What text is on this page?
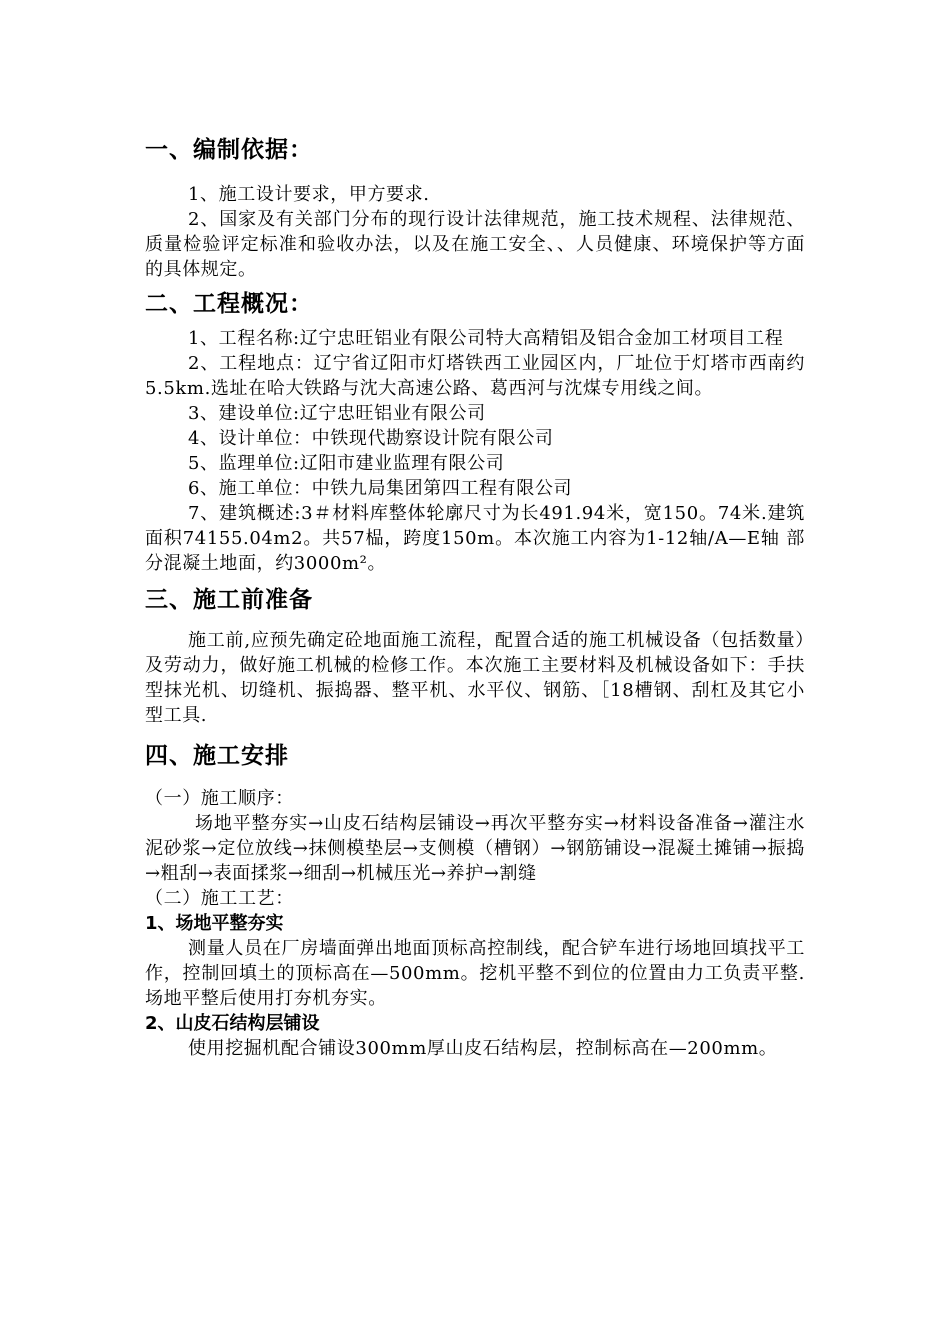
一、编制依据：
1、施工设计要求，甲方要求.
2、国家及有关部门分布的现行设计法律规范，施工技术规程、法律规范、质量检验评定标准和验收办法，以及在施工安全、、人员健康、环境保护等方面的具体规定。
二、工程概况：
1、工程名称:辽宁忠旺铝业有限公司特大高精铝及铝合金加工材项目工程
2、工程地点：辽宁省辽阳市灯塔铁西工业园区内，厂址位于灯塔市西南约5.5km.选址在哈大铁路与沈大高速公路、葛西河与沈煤专用线之间。
3、建设单位:辽宁忠旺铝业有限公司
4、设计单位：中铁现代勘察设计院有限公司
5、监理单位:辽阳市建业监理有限公司
6、施工单位：中铁九局集团第四工程有限公司
7、建筑概述:3＃材料库整体轮廓尺寸为长491.94米，宽150。74米.建筑面积74155.04m2。共57榀，跨度150m。本次施工内容为1-12轴/A—E轴 部分混凝土地面，约3000m²。
三、施工前准备
施工前,应预先确定砼地面施工流程，配置合适的施工机械设备（包括数量）及劳动力，做好施工机械的检修工作。本次施工主要材料及机械设备如下：手扶型抹光机、切缝机、振捣器、整平机、水平仪、钢筋、［18槽钢、刮杠及其它小型工具.
四、施工安排
（一）施工顺序：
场地平整夯实→山皮石结构层铺设→再次平整夯实→材料设备准备→灌注水泥砂浆→定位放线→抹侧模垫层→支侧模（槽钢）→钢筋铺设→混凝土摊铺→振捣→粗刮→表面揉浆→细刮→机械压光→养护→割缝
（二）施工工艺：
1、场地平整夯实
测量人员在厂房墙面弹出地面顶标高控制线，配合铲车进行场地回填找平工作，控制回填土的顶标高在—500mm。挖机平整不到位的位置由力工负责平整.场地平整后使用打夯机夯实。
2、山皮石结构层铺设
使用挖掘机配合铺设300mm厚山皮石结构层，控制标高在—200mm。
